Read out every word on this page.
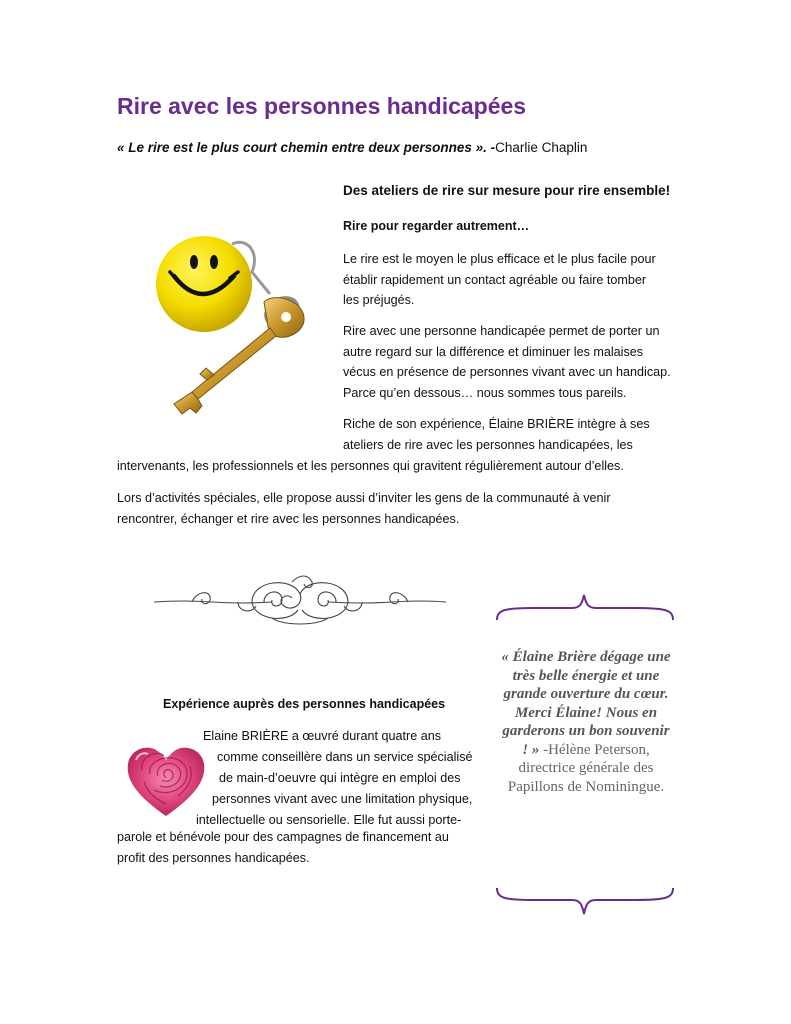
Rire avec les personnes handicapées
« Le rire est le plus court chemin entre deux personnes ». -Charlie Chaplin
Des ateliers de rire sur mesure pour rire ensemble!
Rire pour regarder autrement…
Le rire est le moyen le plus efficace et le plus facile pour
établir rapidement un contact agréable ou faire tomber
les préjugés.
Rire avec une personne handicapée permet de porter un
autre regard sur la différence et diminuer les malaises
vécus en présence de personnes vivant avec un handicap.
Parce qu’en dessous… nous sommes tous pareils.
Riche de son expérience, Élaine BRIÈRE intègre à ses
ateliers de rire avec les personnes handicapées, les
intervenants, les professionnels et les personnes qui gravitent régulièrement autour d’elles.
Lors d’activités spéciales, elle propose aussi d’inviter les gens de la communauté à venir
rencontrer, échanger et rire avec les personnes handicapées.
« Élaine Brière dégage une très belle énergie et une grande ouverture du cœur. Merci Élaine! Nous en garderons un bon souvenir ! » -Hélène Peterson, directrice générale des Papillons de Nominingue.
Expérience auprès des personnes handicapées
Elaine BRIÈRE a œuvré durant quatre ans
comme conseillère dans un service spécialisé
de main-d’oeuvre qui intègre en emploi des
personnes vivant avec une limitation physique,
intellectuelle ou sensorielle. Elle fut aussi porte-
parole et bénévole pour des campagnes de financement au
profit des personnes handicapées.
